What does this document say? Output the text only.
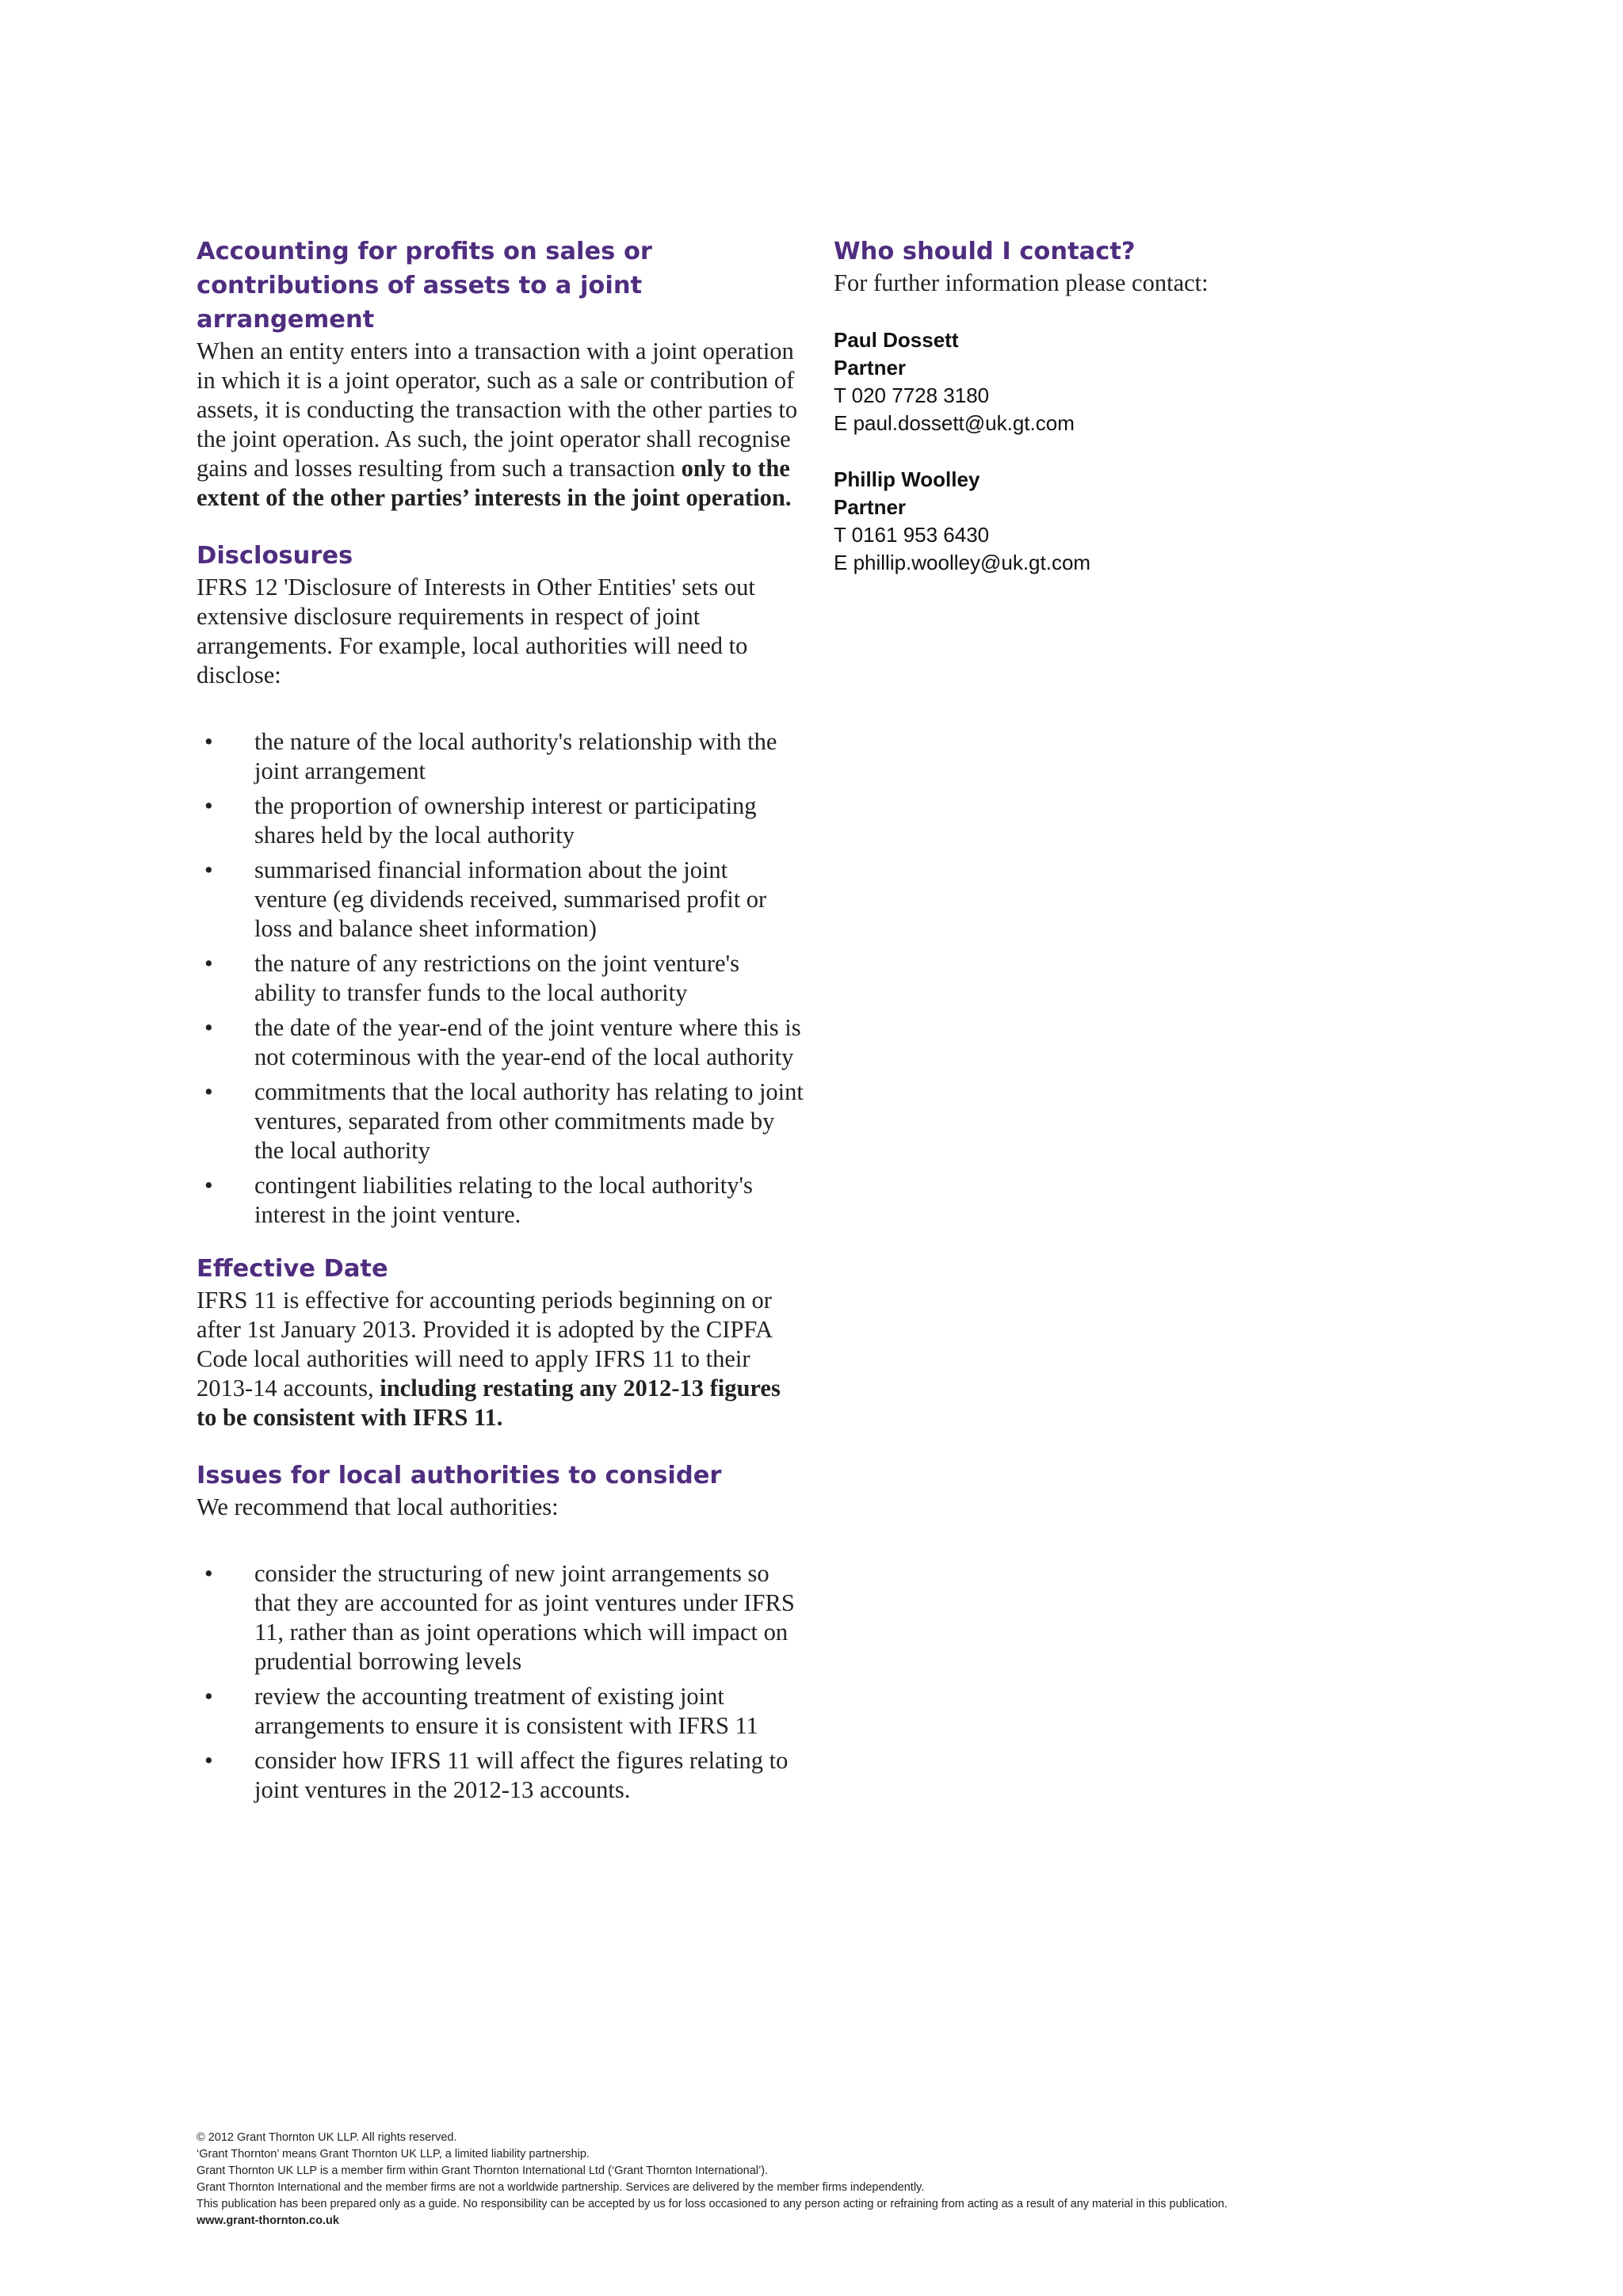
Accounting for profits on sales or contributions of assets to a joint arrangement

When an entity enters into a transaction with a joint operation in which it is a joint operator, such as a sale or contribution of assets, it is conducting the transaction with the other parties to the joint operation. As such, the joint operator shall recognise gains and losses resulting from such a transaction only to the extent of the other parties’ interests in the joint operation.

Disclosures

IFRS 12 'Disclosure of Interests in Other Entities' sets out extensive disclosure requirements in respect of joint arrangements. For example, local authorities will need to disclose:

• the nature of the local authority's relationship with the joint arrangement
• the proportion of ownership interest or participating shares held by the local authority
• summarised financial information about the joint venture (eg dividends received, summarised profit or loss and balance sheet information)
• the nature of any restrictions on the joint venture's ability to transfer funds to the local authority
• the date of the year-end of the joint venture where this is not coterminous with the year-end of the local authority
• commitments that the local authority has relating to joint ventures, separated from other commitments made by the local authority
• contingent liabilities relating to the local authority's interest in the joint venture.
Effective Date

IFRS 11 is effective for accounting periods beginning on or after 1st January 2013. Provided it is adopted by the CIPFA Code local authorities will need to apply IFRS 11 to their 2013-14 accounts, including restating any 2012-13 figures to be consistent with IFRS 11.

Issues for local authorities to consider

We recommend that local authorities:

• consider the structuring of new joint arrangements so that they are accounted for as joint ventures under IFRS 11, rather than as joint operations which will impact on prudential borrowing levels
• review the accounting treatment of existing joint arrangements to ensure it is consistent with IFRS 11
• consider how IFRS 11 will affect the figures relating to joint ventures in the 2012-13 accounts.
Who should I contact?

For further information please contact:

Paul Dossett

Partner

T 020 7728 3180

E paul.dossett@uk.gt.com

Phillip Woolley

Partner

T 0161 953 6430

E phillip.woolley@uk.gt.com

© 2012 Grant Thornton UK LLP. All rights reserved.

‘Grant Thornton’ means Grant Thornton UK LLP, a limited liability partnership.

Grant Thornton UK LLP is a member firm within Grant Thornton International Ltd (‘Grant Thornton International’).

Grant Thornton International and the member firms are not a worldwide partnership. Services are delivered by the member firms independently.

This publication has been prepared only as a guide. No responsibility can be accepted by us for loss occasioned to any person acting or refraining from acting as a result of any material in this publication.

www.grant-thornton.co.uk
